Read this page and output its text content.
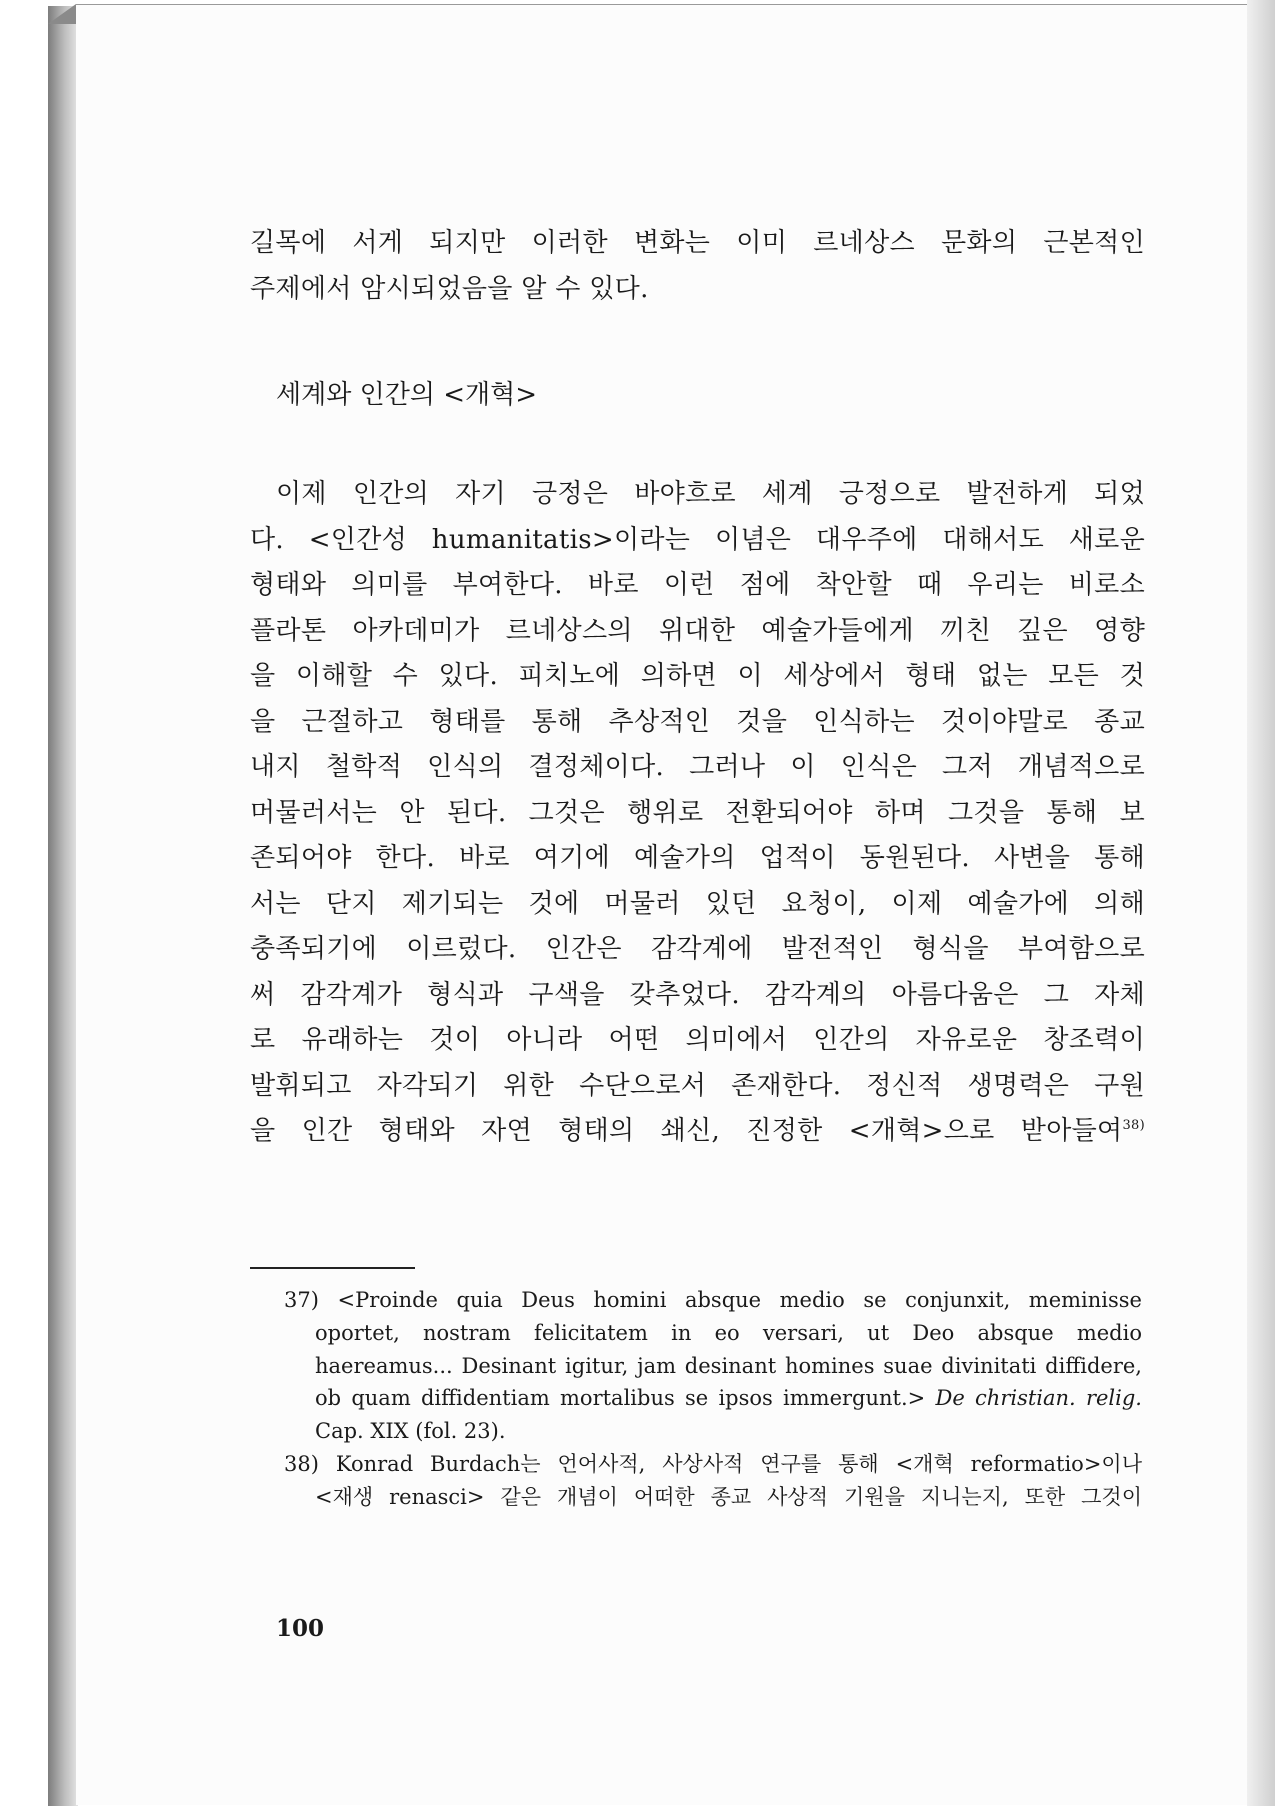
길목에 서게 되지만 이러한 변화는 이미 르네상스 문화의 근본적인
주제에서 암시되었음을 알 수 있다.

세계와 인간의 <개혁>

이제 인간의 자기 긍정은 바야흐로 세계 긍정으로 발전하게 되었
다. <인간성 humanitatis>이라는 이념은 대우주에 대해서도 새로운
형태와 의미를 부여한다. 바로 이런 점에 착안할 때 우리는 비로소
플라톤 아카데미가 르네상스의 위대한 예술가들에게 끼친 깊은 영향
을 이해할 수 있다. 피치노에 의하면 이 세상에서 형태 없는 모든 것
을 근절하고 형태를 통해 추상적인 것을 인식하는 것이야말로 종교
내지 철학적 인식의 결정체이다. 그러나 이 인식은 그저 개념적으로
머물러서는 안 된다. 그것은 행위로 전환되어야 하며 그것을 통해 보
존되어야 한다. 바로 여기에 예술가의 업적이 동원된다. 사변을 통해
서는 단지 제기되는 것에 머물러 있던 요청이, 이제 예술가에 의해
충족되기에 이르렀다. 인간은 감각계에 발전적인 형식을 부여함으로
써 감각계가 형식과 구색을 갖추었다. 감각계의 아름다움은 그 자체
로 유래하는 것이 아니라 어떤 의미에서 인간의 자유로운 창조력이
발휘되고 자각되기 위한 수단으로서 존재한다. 정신적 생명력은 구원
을 인간 형태와 자연 형태의 쇄신, 진정한 <개혁>으로 받아들여$^{38)}$

37) <Proinde quia Deus homini absque medio se conjunxit, meminisse
oportet, nostram felicitatem in eo versari, ut Deo absque medio
haereamus... Desinant igitur, jam desinant homines suae divinitati diffidere,
ob quam diffidentiam mortalibus se ipsos immergunt.> De christian. relig.
Cap. XIX (fol. 23).

38) Konrad Burdach는 언어사적, 사상사적 연구를 통해 <개혁 reformatio>이나
<재생 renasci> 같은 개념이 어떠한 종교 사상적 기원을 지니는지, 또한 그것이

100
